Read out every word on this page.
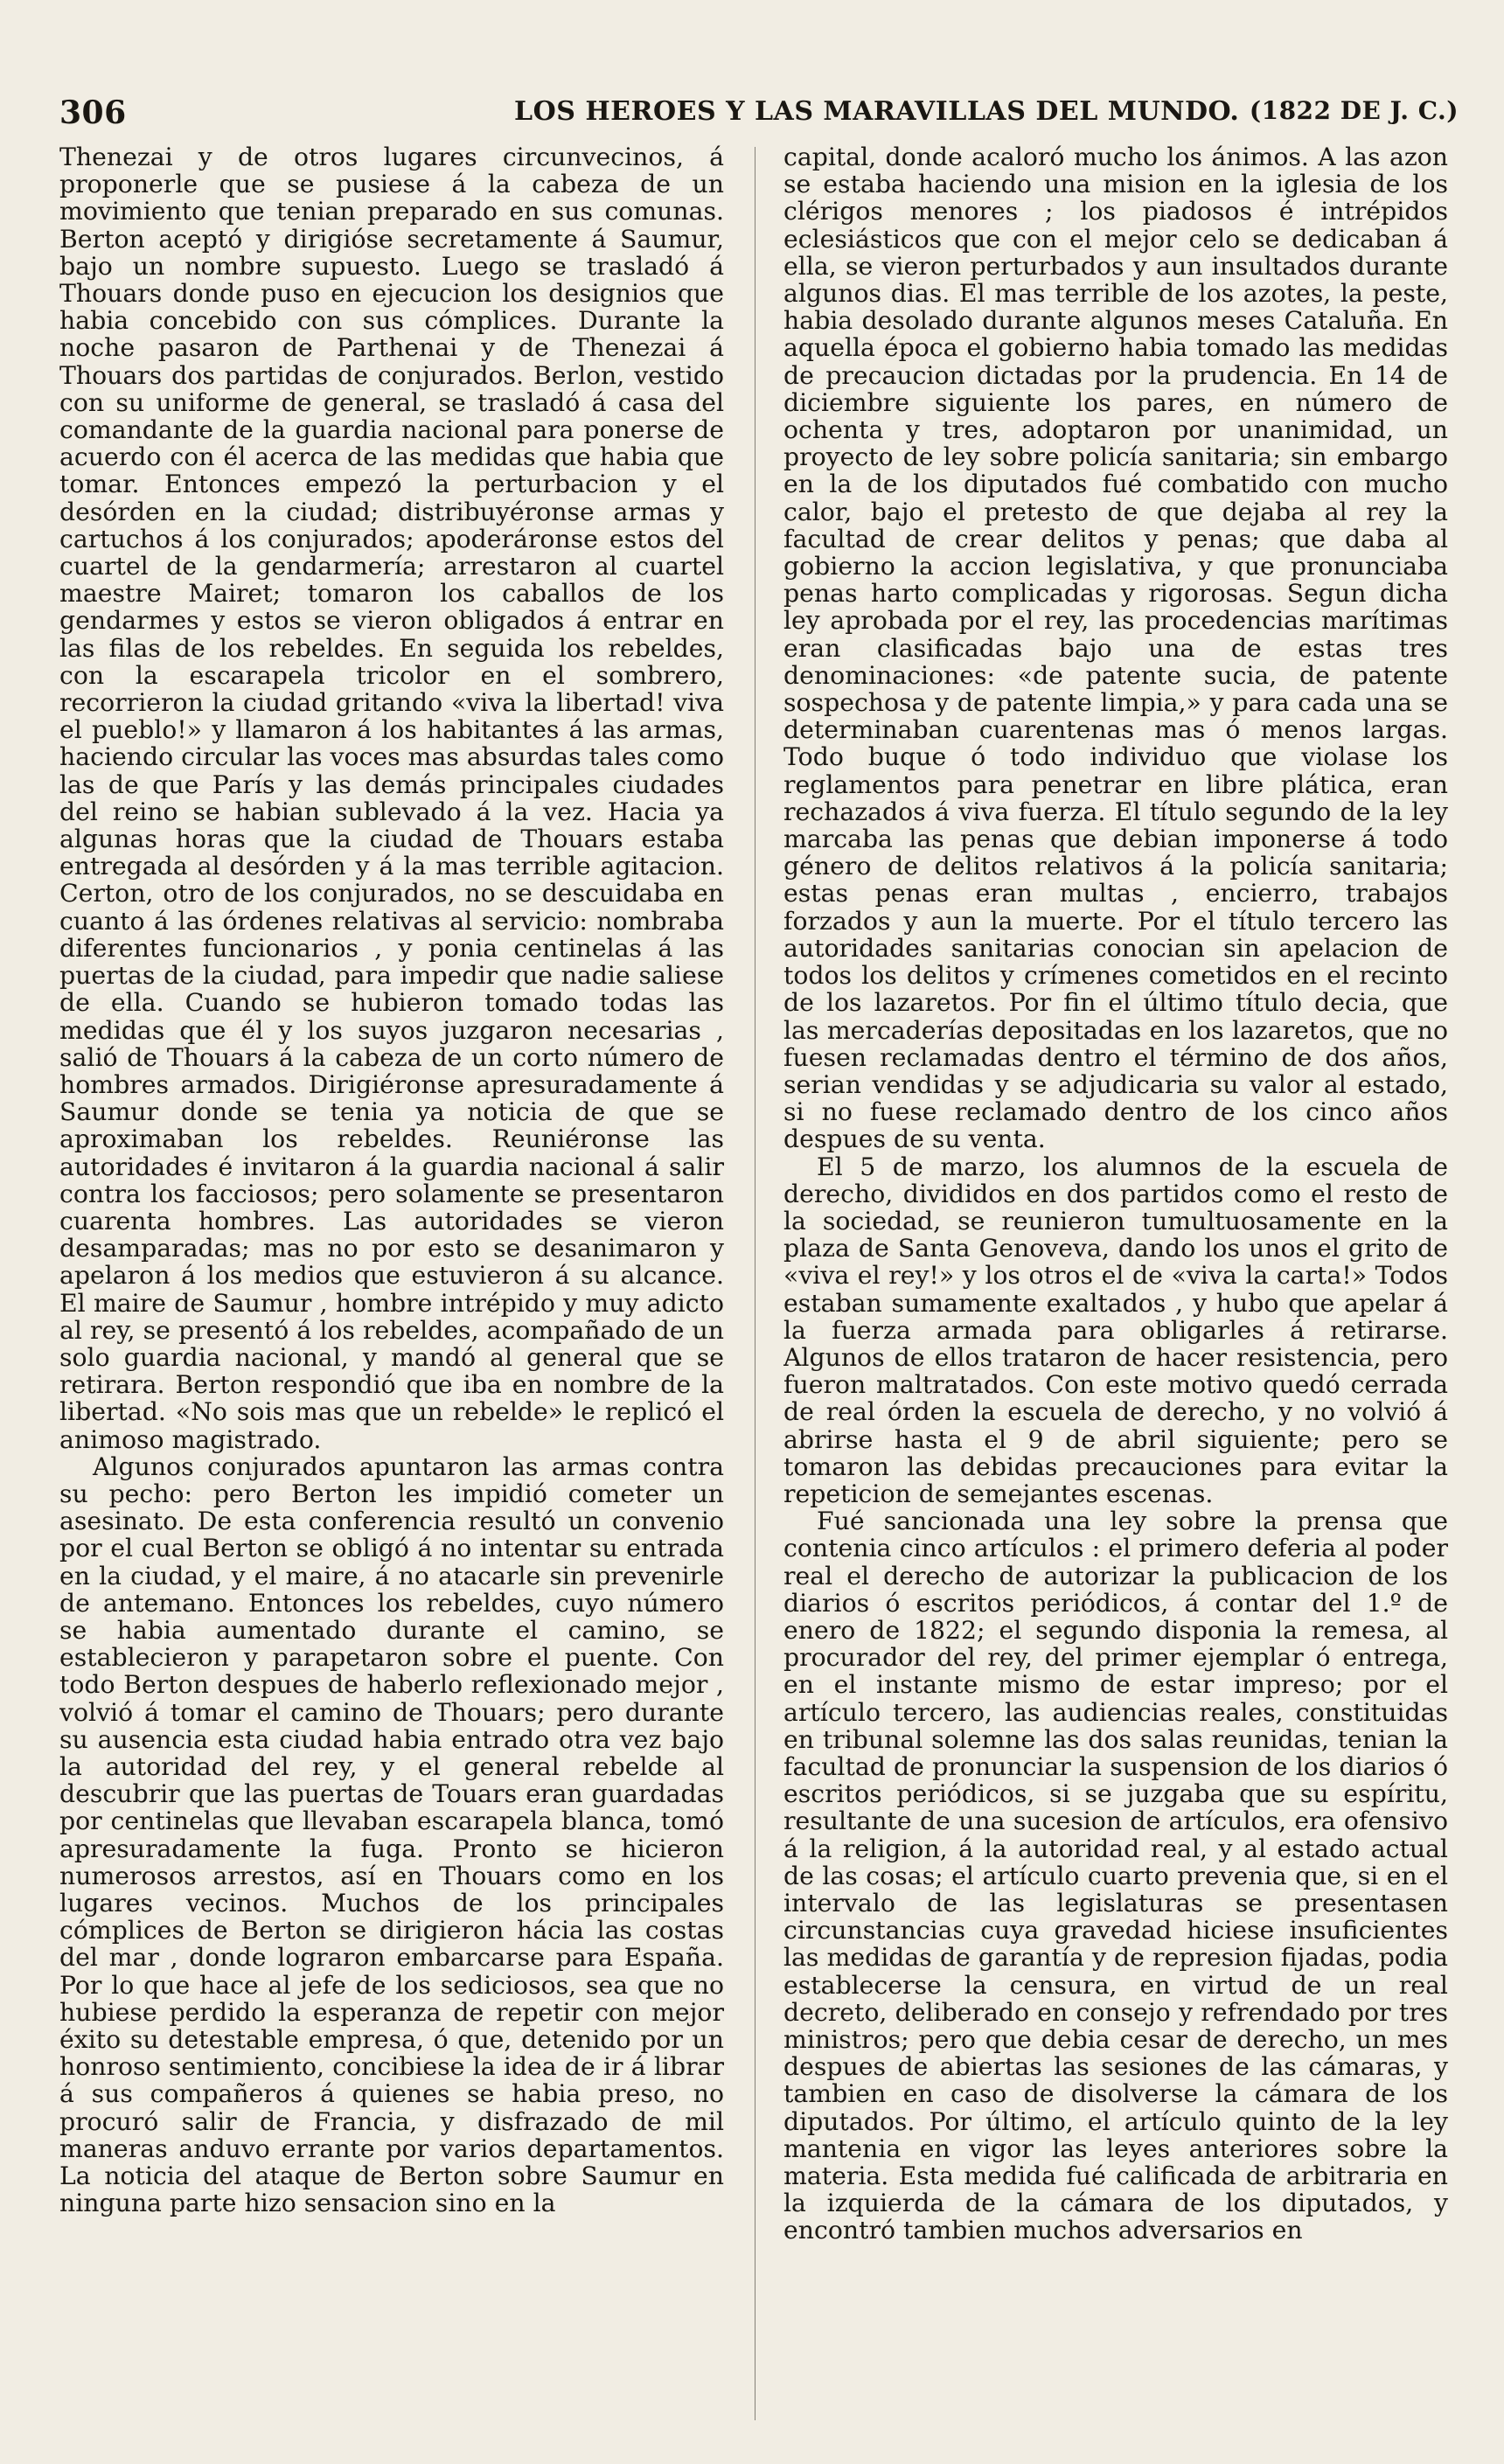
306	LOS HEROES Y LAS MARAVILLAS DEL MUNDO. (1822 DE J. C.)

Thenezai y de otros lugares circunvecinos, á proponerle que se pusiese á la cabeza de un movimiento que tenian preparado en sus comunas. Berton aceptó y dirigióse secretamente á Saumur, bajo un nombre supuesto. Luego se trasladó á Thouars donde puso en ejecucion los designios que habia concebido con sus cómplices. Durante la noche pasaron de Parthenai y de Thenezai á Thouars dos partidas de conjurados. Berlon, vestido con su uniforme de general, se trasladó á casa del comandante de la guardia nacional para ponerse de acuerdo con él acerca de las medidas que habia que tomar. Entonces empezó la perturbacion y el desórden en la ciudad; distribuyéronse armas y cartuchos á los conjurados; apoderáronse estos del cuartel de la gendarmería; arrestaron al cuartel maestre Mairet; tomaron los caballos de los gendarmes y estos se vieron obligados á entrar en las filas de los rebeldes. En seguida los rebeldes, con la escarapela tricolor en el sombrero, recorrieron la ciudad gritando «viva la libertad! viva el pueblo!» y llamaron á los habitantes á las armas, haciendo circular las voces mas absurdas tales como las de que París y las demás principales ciudades del reino se habian sublevado á la vez. Hacia ya algunas horas que la ciudad de Thouars estaba entregada al desórden y á la mas terrible agitacion. Certon, otro de los conjurados, no se descuidaba en cuanto á las órdenes relativas al servicio: nombraba diferentes funcionarios , y ponia centinelas á las puertas de la ciudad, para impedir que nadie saliese de ella. Cuando se hubieron tomado todas las medidas que él y los suyos juzgaron necesarias , salió de Thouars á la cabeza de un corto número de hombres armados. Dirigiéronse apresuradamente á Saumur donde se tenia ya noticia de que se aproximaban los rebeldes. Reuniéronse las autoridades é invitaron á la guardia nacional á salir contra los facciosos; pero solamente se presentaron cuarenta hombres. Las autoridades se vieron desamparadas; mas no por esto se desanimaron y apelaron á los medios que estuvieron á su alcance. El maire de Saumur , hombre intrépido y muy adicto al rey, se presentó á los rebeldes, acompañado de un solo guardia nacional, y mandó al general que se retirara. Berton respondió que iba en nombre de la libertad. «No sois mas que un rebelde» le replicó el animoso magistrado.

Algunos conjurados apuntaron las armas contra su pecho: pero Berton les impidió cometer un asesinato. De esta conferencia resultó un convenio por el cual Berton se obligó á no intentar su entrada en la ciudad, y el maire, á no atacarle sin prevenirle de antemano. Entonces los rebeldes, cuyo número se habia aumentado durante el camino, se establecieron y parapetaron sobre el puente. Con todo Berton despues de haberlo reflexionado mejor , volvió á tomar el camino de Thouars; pero durante su ausencia esta ciudad habia entrado otra vez bajo la autoridad del rey, y el general rebelde al descubrir que las puertas de Touars eran guardadas por centinelas que llevaban escarapela blanca, tomó apresuradamente la fuga. Pronto se hicieron numerosos arrestos, así en Thouars como en los lugares vecinos. Muchos de los principales cómplices de Berton se dirigieron hácia las costas del mar , donde lograron embarcarse para España. Por lo que hace al jefe de los sediciosos, sea que no hubiese perdido la esperanza de repetir con mejor éxito su detestable empresa, ó que, detenido por un honroso sentimiento, concibiese la idea de ir á librar á sus compañeros á quienes se habia preso, no procuró salir de Francia, y disfrazado de mil maneras anduvo errante por varios departamentos. La noticia del ataque de Berton sobre Saumur en ninguna parte hizo sensacion sino en la

capital, donde acaloró mucho los ánimos. A las azon se estaba haciendo una mision en la iglesia de los clérigos menores ; los piadosos é intrépidos eclesiásticos que con el mejor celo se dedicaban á ella, se vieron perturbados y aun insultados durante algunos dias. El mas terrible de los azotes, la peste, habia desolado durante algunos meses Cataluña. En aquella época el gobierno habia tomado las medidas de precaucion dictadas por la prudencia. En 14 de diciembre siguiente los pares, en número de ochenta y tres, adoptaron por unanimidad, un proyecto de ley sobre policía sanitaria; sin embargo en la de los diputados fué combatido con mucho calor, bajo el pretesto de que dejaba al rey la facultad de crear delitos y penas; que daba al gobierno la accion legislativa, y que pronunciaba penas harto complicadas y rigorosas. Segun dicha ley aprobada por el rey, las procedencias marítimas eran clasificadas bajo una de estas tres denominaciones: «de patente sucia, de patente sospechosa y de patente limpia,» y para cada una se determinaban cuarentenas mas ó menos largas. Todo buque ó todo individuo que violase los reglamentos para penetrar en libre plática, eran rechazados á viva fuerza. El título segundo de la ley marcaba las penas que debian imponerse á todo género de delitos relativos á la policía sanitaria; estas penas eran multas , encierro, trabajos forzados y aun la muerte. Por el título tercero las autoridades sanitarias conocian sin apelacion de todos los delitos y crímenes cometidos en el recinto de los lazaretos. Por fin el último título decia, que las mercaderías depositadas en los lazaretos, que no fuesen reclamadas dentro el término de dos años, serian vendidas y se adjudicaria su valor al estado, si no fuese reclamado dentro de los cinco años despues de su venta.

El 5 de marzo, los alumnos de la escuela de derecho, divididos en dos partidos como el resto de la sociedad, se reunieron tumultuosamente en la plaza de Santa Genoveva, dando los unos el grito de «viva el rey!» y los otros el de «viva la carta!» Todos estaban sumamente exaltados , y hubo que apelar á la fuerza armada para obligarles á retirarse. Algunos de ellos trataron de hacer resistencia, pero fueron maltratados. Con este motivo quedó cerrada de real órden la escuela de derecho, y no volvió á abrirse hasta el 9 de abril siguiente; pero se tomaron las debidas precauciones para evitar la repeticion de semejantes escenas.

Fué sancionada una ley sobre la prensa que contenia cinco artículos : el primero deferia al poder real el derecho de autorizar la publicacion de los diarios ó escritos periódicos, á contar del 1.º de enero de 1822; el segundo disponia la remesa, al procurador del rey, del primer ejemplar ó entrega, en el instante mismo de estar impreso; por el artículo tercero, las audiencias reales, constituidas en tribunal solemne las dos salas reunidas, tenian la facultad de pronunciar la suspension de los diarios ó escritos periódicos, si se juzgaba que su espíritu, resultante de una sucesion de artículos, era ofensivo á la religion, á la autoridad real, y al estado actual de las cosas; el artículo cuarto prevenia que, si en el intervalo de las legislaturas se presentasen circunstancias cuya gravedad hiciese insuficientes las medidas de garantía y de represion fijadas, podia establecerse la censura, en virtud de un real decreto, deliberado en consejo y refrendado por tres ministros; pero que debia cesar de derecho, un mes despues de abiertas las sesiones de las cámaras, y tambien en caso de disolverse la cámara de los diputados. Por último, el artículo quinto de la ley mantenia en vigor las leyes anteriores sobre la materia. Esta medida fué calificada de arbitraria en la izquierda de la cámara de los diputados, y encontró tambien muchos adversarios en
